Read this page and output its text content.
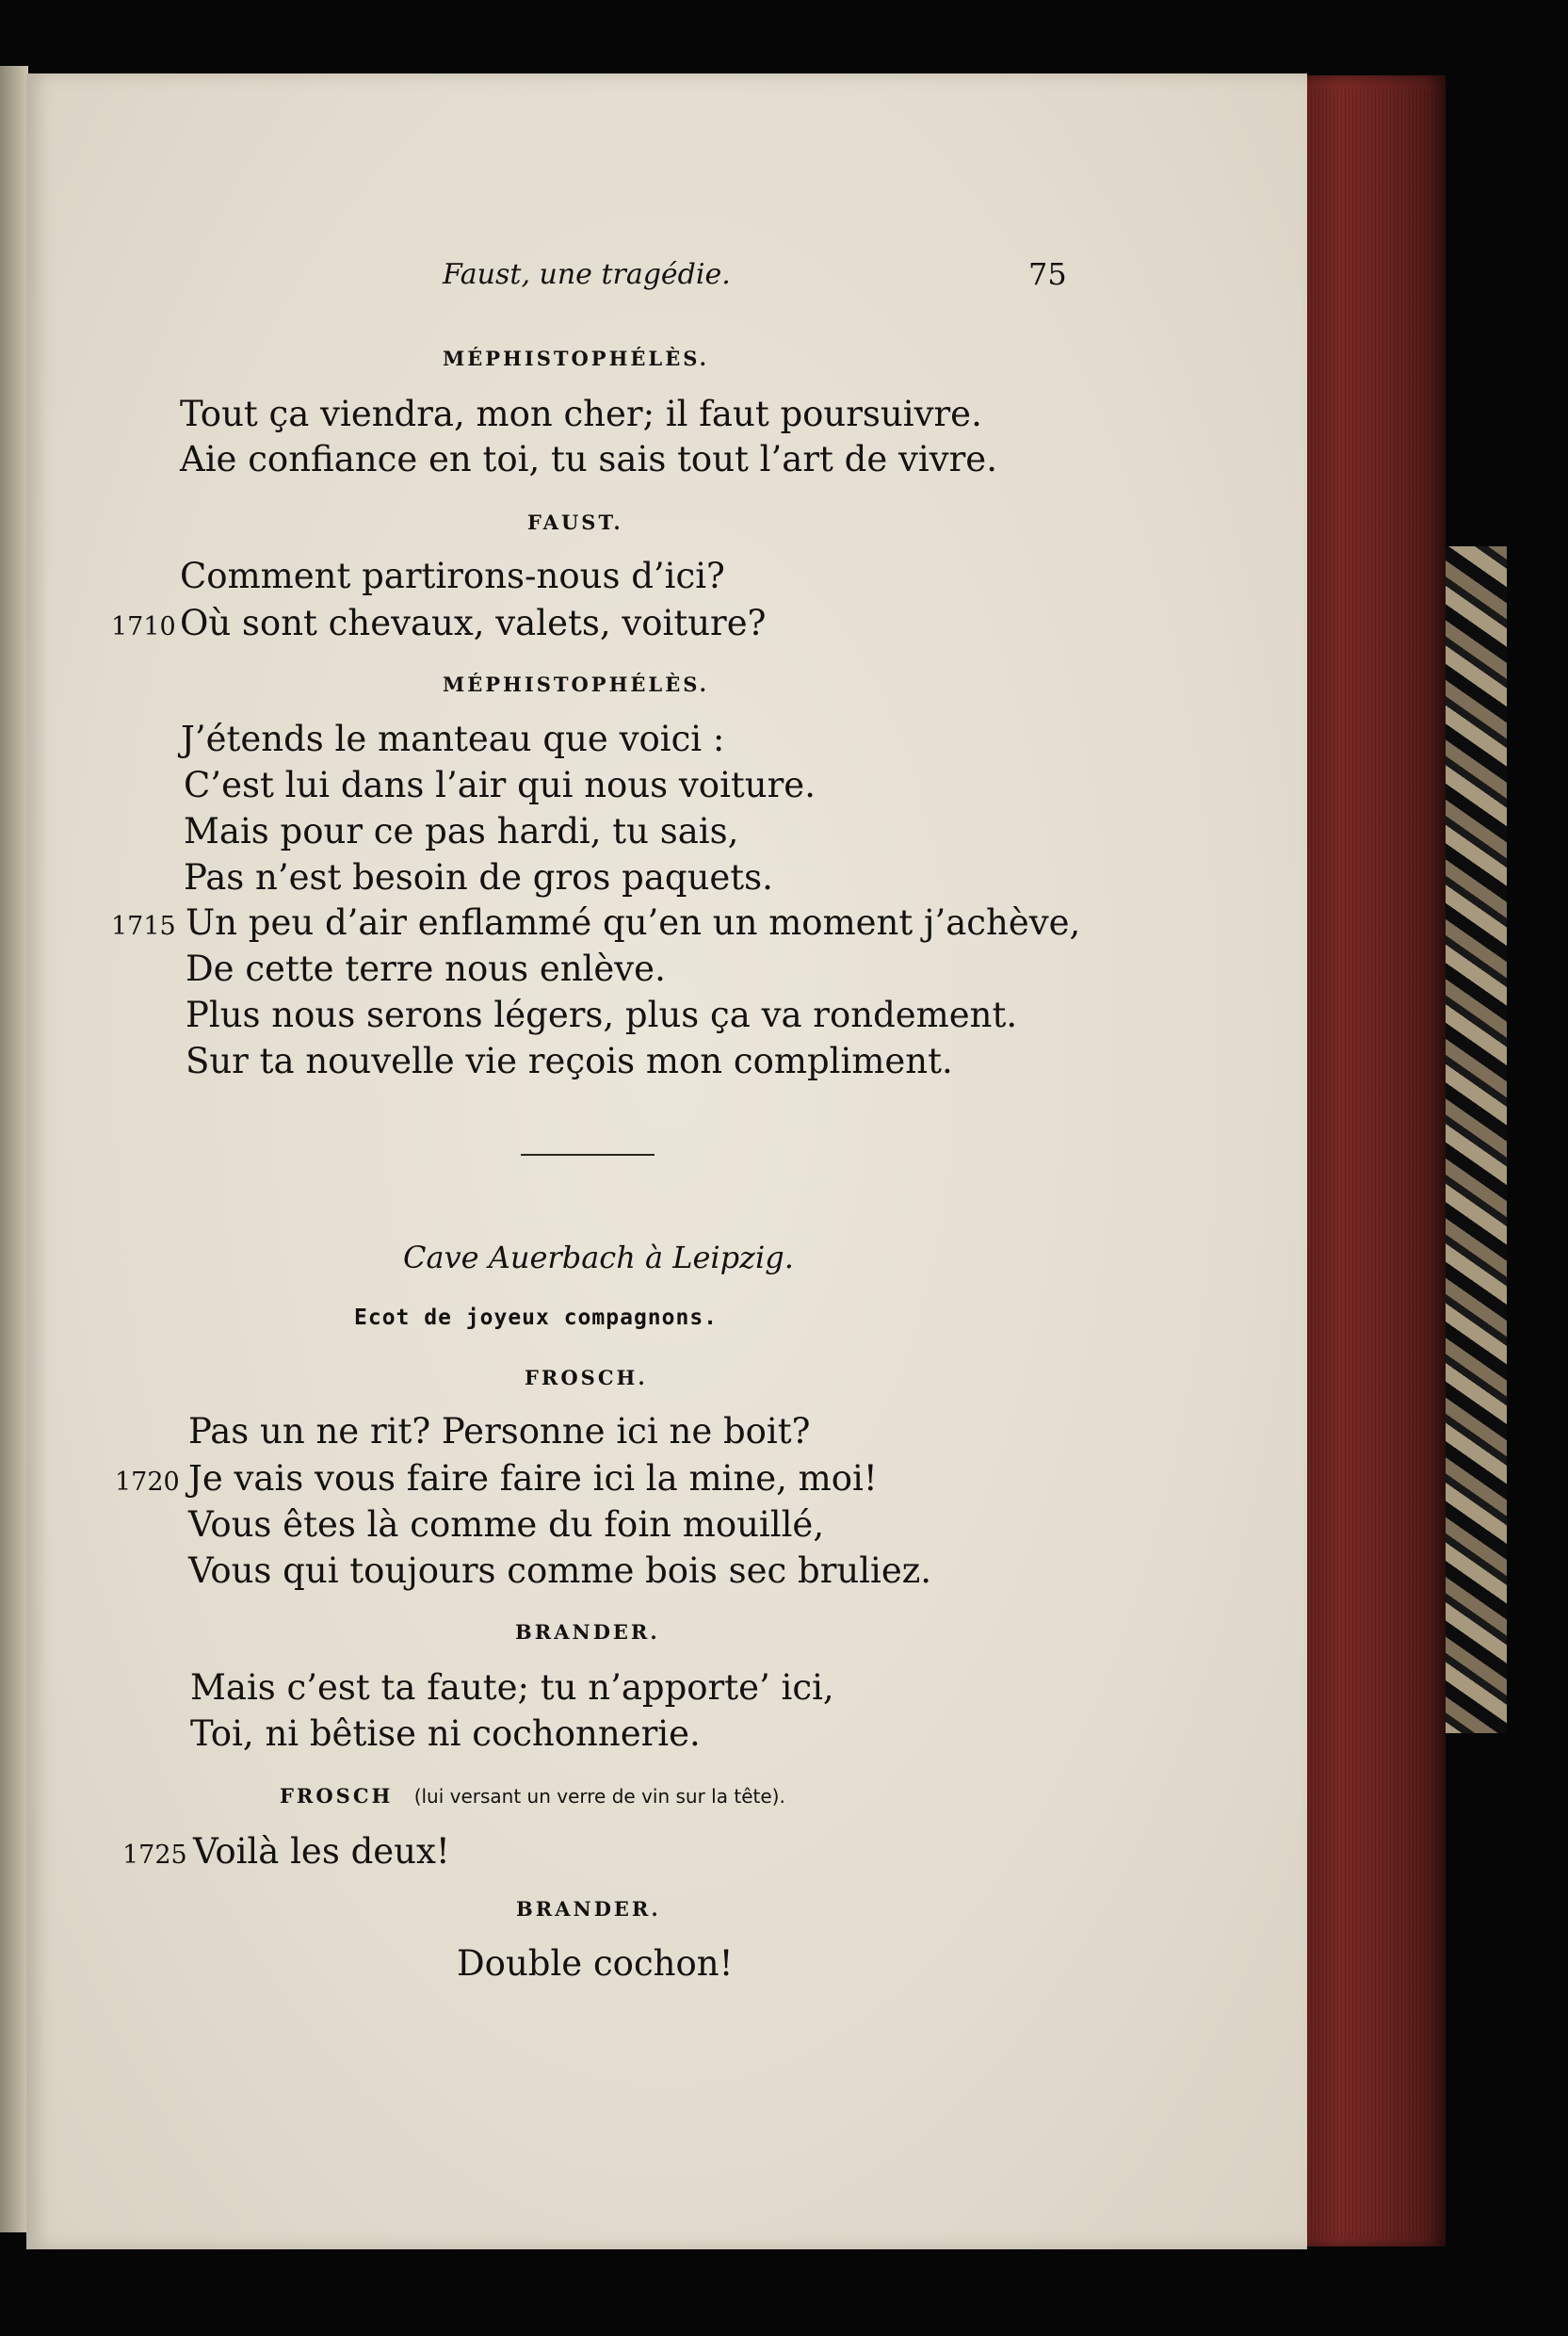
Faust, une tragédie.	75
MÉPHISTOPHÉLÈS.
Tout ça viendra, mon cher; il faut poursuivre.
Aie confiance en toi, tu sais tout l’art de vivre.
FAUST.
Comment partirons-nous d’ici?
1710 Où sont chevaux, valets, voiture?
MÉPHISTOPHÉLÈS.
J’étends le manteau que voici :
C’est lui dans l’air qui nous voiture.
Mais pour ce pas hardi, tu sais,
Pas n’est besoin de gros paquets.
1715 Un peu d’air enflammé qu’en un moment j’achève,
De cette terre nous enlève.
Plus nous serons légers, plus ça va rondement.
Sur ta nouvelle vie reçois mon compliment.
Cave Auerbach à Leipzig.
Ecot de joyeux compagnons.
FROSCH.
Pas un ne rit? Personne ici ne boit?
1720 Je vais vous faire faire ici la mine, moi!
Vous êtes là comme du foin mouillé,
Vous qui toujours comme bois sec bruliez.
BRANDER.
Mais c’est ta faute; tu n’apporte’ ici,
Toi, ni bêtise ni cochonnerie.
FROSCH (lui versant un verre de vin sur la tête).
1725 Voilà les deux!
BRANDER.
Double cochon!
